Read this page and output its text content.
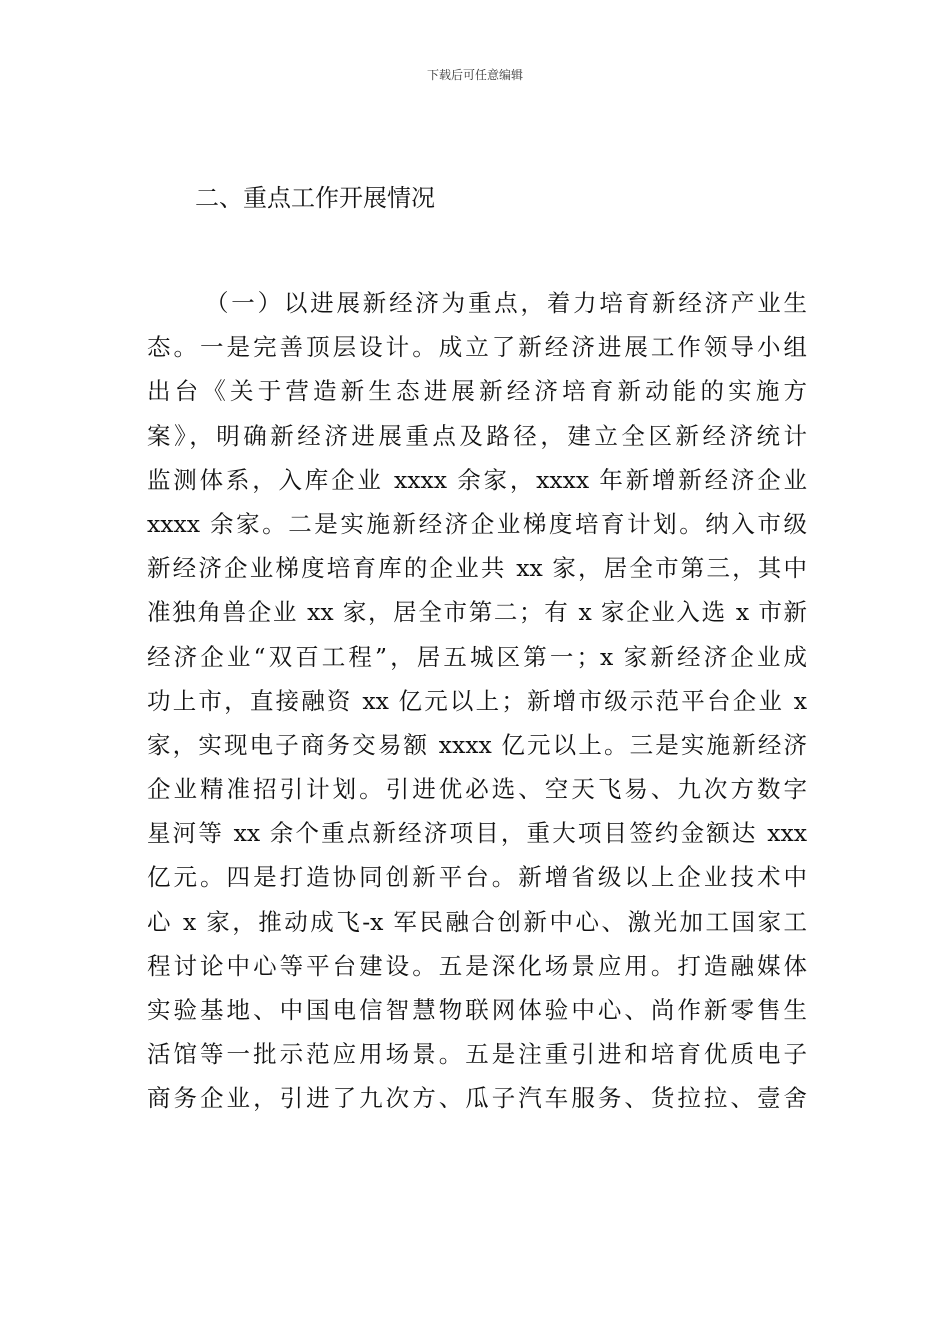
下载后可任意编辑
二、重点工作开展情况
（一）以进展新经济为重点，着力培育新经济产业生
态。一是完善顶层设计。成立了新经济进展工作领导小组
出台《关于营造新生态进展新经济培育新动能的实施方
案》，明确新经济进展重点及路径，建立全区新经济统计
监测体系，入库企业 xxxx 余家，xxxx 年新增新经济企业
xxxx 余家。二是实施新经济企业梯度培育计划。纳入市级
新经济企业梯度培育库的企业共 xx 家，居全市第三，其中
准独角兽企业 xx 家，居全市第二；有 x 家企业入选 x 市新
经济企业“双百工程”，居五城区第一；x 家新经济企业成
功上市，直接融资 xx 亿元以上；新增市级示范平台企业 x
家，实现电子商务交易额 xxxx 亿元以上。三是实施新经济
企业精准招引计划。引进优必选、空天飞易、九次方数字
星河等 xx 余个重点新经济项目，重大项目签约金额达 xxx
亿元。四是打造协同创新平台。新增省级以上企业技术中
心 x 家，推动成飞-x 军民融合创新中心、激光加工国家工
程讨论中心等平台建设。五是深化场景应用。打造融媒体
实验基地、中国电信智慧物联网体验中心、尚作新零售生
活馆等一批示范应用场景。五是注重引进和培育优质电子
商务企业，引进了九次方、瓜子汽车服务、货拉拉、壹舍
